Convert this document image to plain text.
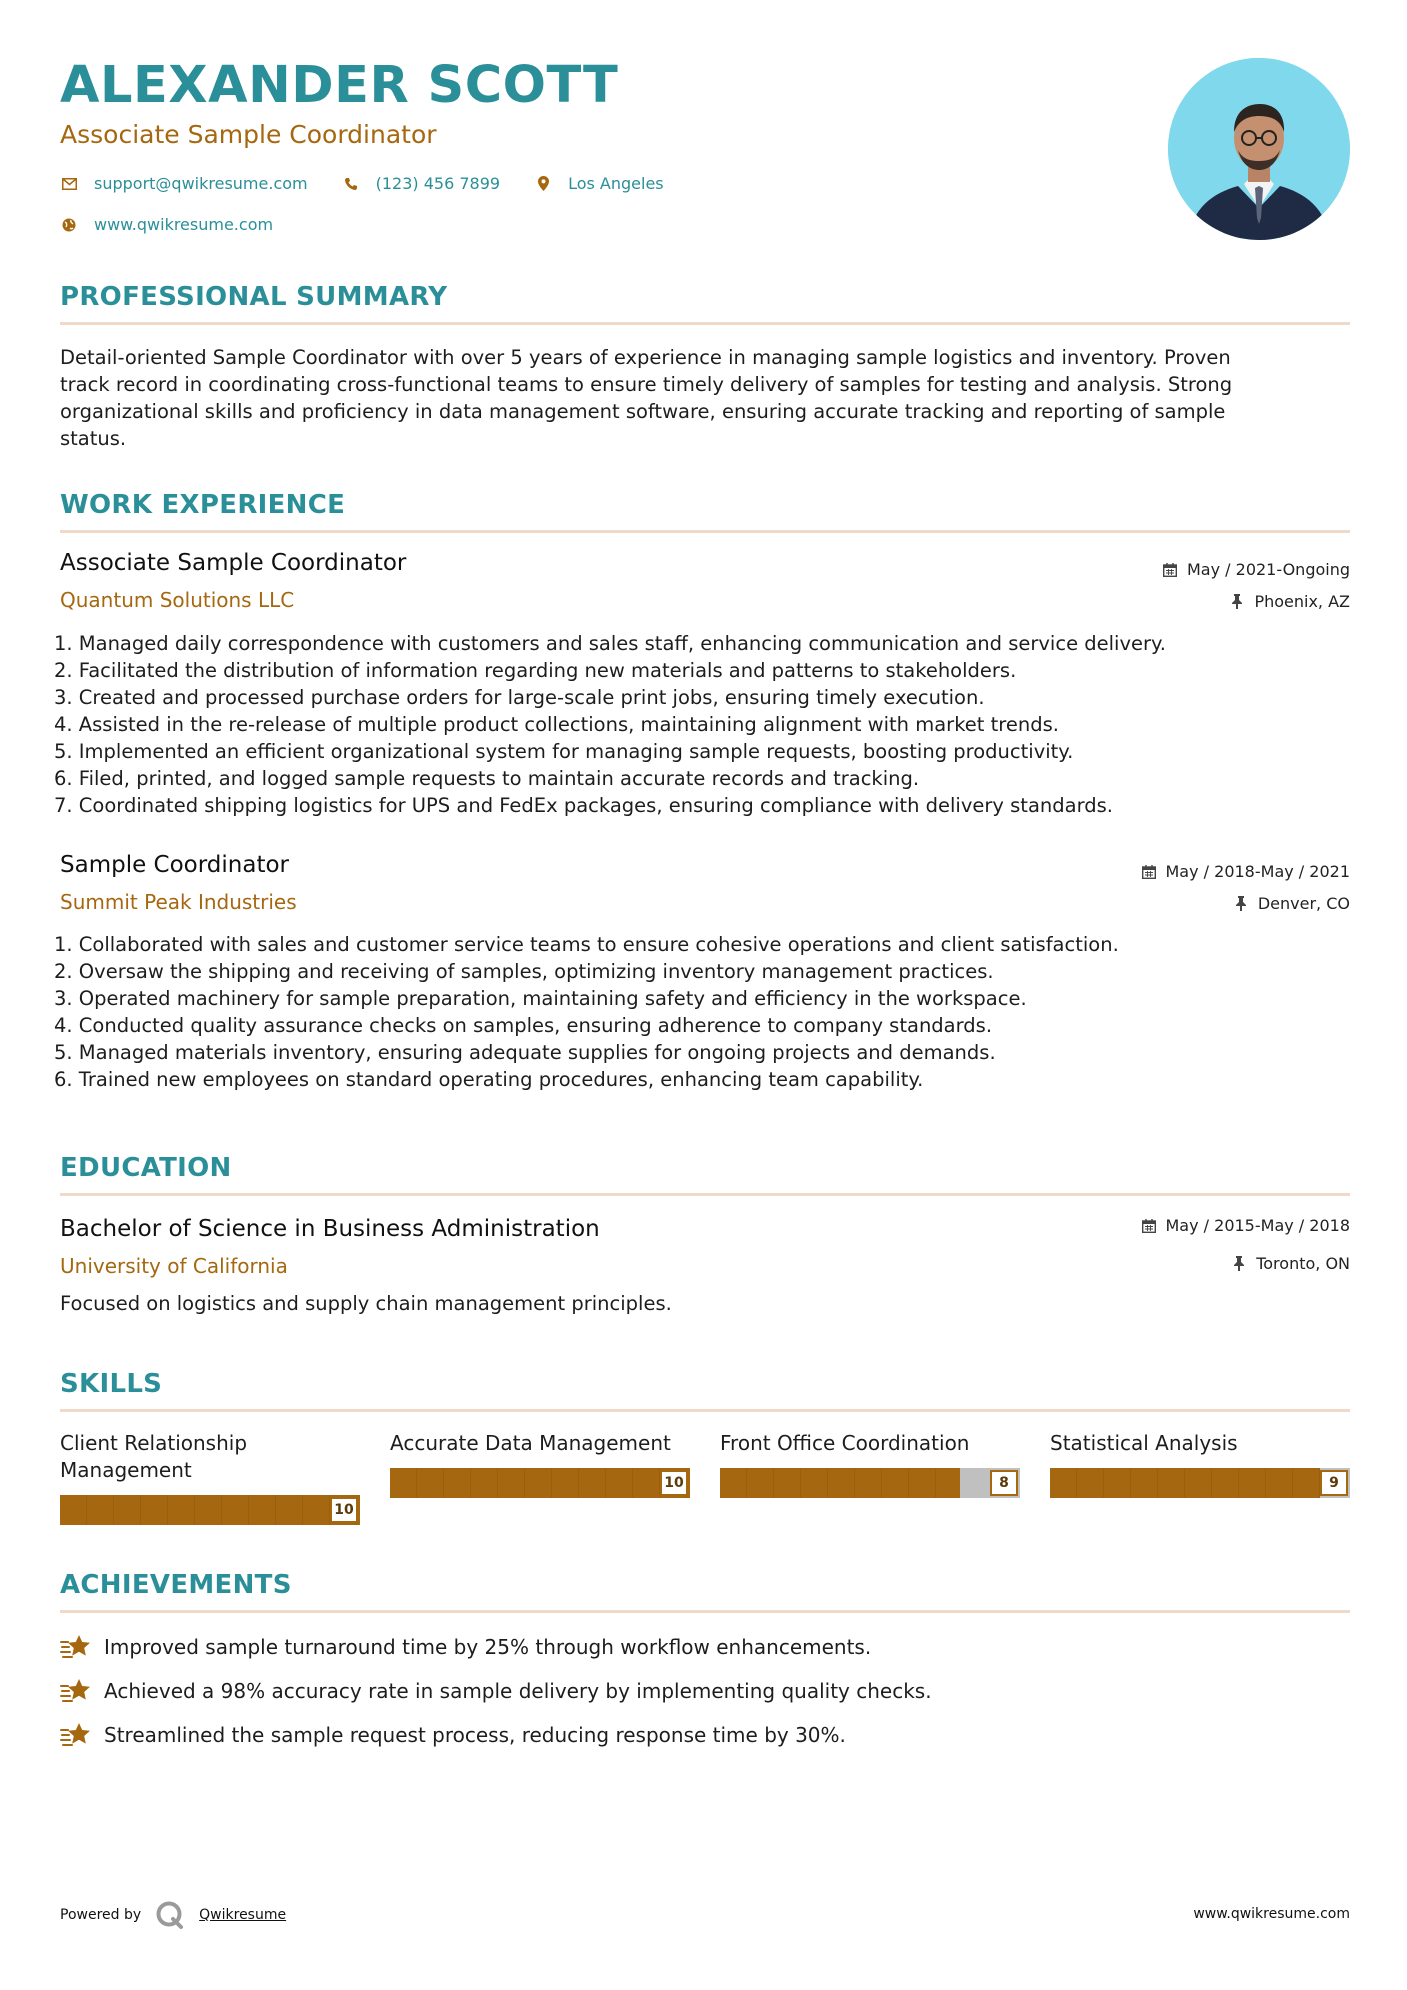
ALEXANDER SCOTT
Associate Sample Coordinator
support@qwikresume.com	(123) 456 7899	Los Angeles
www.qwikresume.com
PROFESSIONAL SUMMARY
Detail-oriented Sample Coordinator with over 5 years of experience in managing sample logistics and inventory. Proven
track record in coordinating cross-functional teams to ensure timely delivery of samples for testing and analysis. Strong
organizational skills and proficiency in data management software, ensuring accurate tracking and reporting of sample
status.
WORK EXPERIENCE
Associate Sample Coordinator
Quantum Solutions LLC
May / 2021-Ongoing
Phoenix, AZ
1. Managed daily correspondence with customers and sales staff, enhancing communication and service delivery.
2. Facilitated the distribution of information regarding new materials and patterns to stakeholders.
3. Created and processed purchase orders for large-scale print jobs, ensuring timely execution.
4. Assisted in the re-release of multiple product collections, maintaining alignment with market trends.
5. Implemented an efficient organizational system for managing sample requests, boosting productivity.
6. Filed, printed, and logged sample requests to maintain accurate records and tracking.
7. Coordinated shipping logistics for UPS and FedEx packages, ensuring compliance with delivery standards.
Sample Coordinator
Summit Peak Industries
May / 2018-May / 2021
Denver, CO
1. Collaborated with sales and customer service teams to ensure cohesive operations and client satisfaction.
2. Oversaw the shipping and receiving of samples, optimizing inventory management practices.
3. Operated machinery for sample preparation, maintaining safety and efficiency in the workspace.
4. Conducted quality assurance checks on samples, ensuring adherence to company standards.
5. Managed materials inventory, ensuring adequate supplies for ongoing projects and demands.
6. Trained new employees on standard operating procedures, enhancing team capability.
EDUCATION
Bachelor of Science in Business Administration
University of California
May / 2015-May / 2018
Toronto, ON
Focused on logistics and supply chain management principles.
SKILLS
Client Relationship
Management
10
Accurate Data Management
10
Front Office Coordination
8
Statistical Analysis
9
ACHIEVEMENTS
Improved sample turnaround time by 25% through workflow enhancements.
Achieved a 98% accuracy rate in sample delivery by implementing quality checks.
Streamlined the sample request process, reducing response time by 30%.
Powered by	Qwikresume	www.qwikresume.com
